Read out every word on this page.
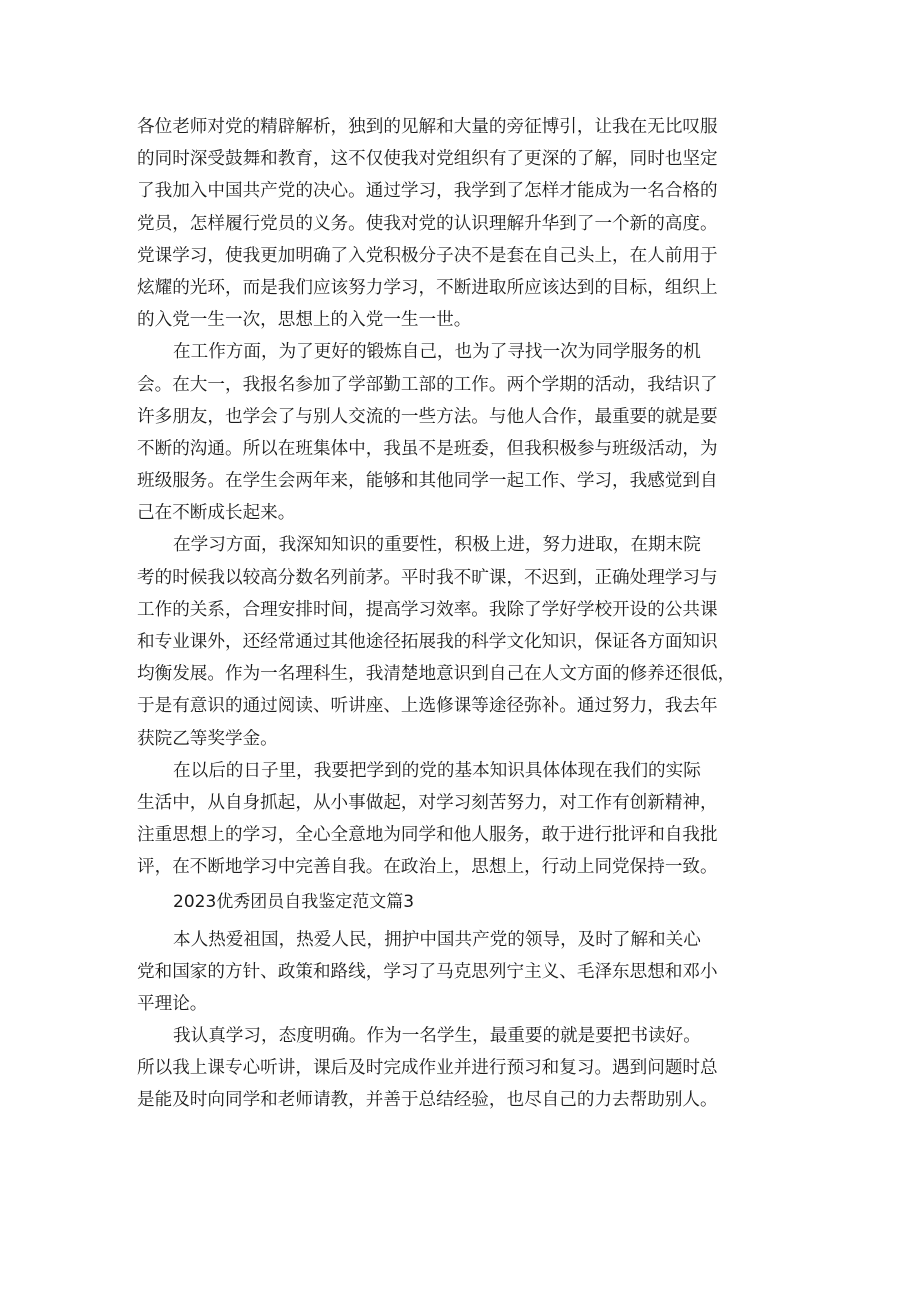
各位老师对党的精辟解析，独到的见解和大量的旁征博引，让我在无比叹服
的同时深受鼓舞和教育，这不仅使我对党组织有了更深的了解，同时也坚定
了我加入中国共产党的决心。通过学习，我学到了怎样才能成为一名合格的
党员，怎样履行党员的义务。使我对党的认识理解升华到了一个新的高度。
党课学习，使我更加明确了入党积极分子决不是套在自己头上，在人前用于
炫耀的光环，而是我们应该努力学习，不断进取所应该达到的目标，组织上
的入党一生一次，思想上的入党一生一世。
在工作方面，为了更好的锻炼自己，也为了寻找一次为同学服务的机
会。在大一，我报名参加了学部勤工部的工作。两个学期的活动，我结识了
许多朋友，也学会了与别人交流的一些方法。与他人合作，最重要的就是要
不断的沟通。所以在班集体中，我虽不是班委，但我积极参与班级活动，为
班级服务。在学生会两年来，能够和其他同学一起工作、学习，我感觉到自
己在不断成长起来。
在学习方面，我深知知识的重要性，积极上进，努力进取，在期末院
考的时候我以较高分数名列前茅。平时我不旷课，不迟到，正确处理学习与
工作的关系，合理安排时间，提高学习效率。我除了学好学校开设的公共课
和专业课外，还经常通过其他途径拓展我的科学文化知识，保证各方面知识
均衡发展。作为一名理科生，我清楚地意识到自己在人文方面的修养还很低，
于是有意识的通过阅读、听讲座、上选修课等途径弥补。通过努力，我去年
获院乙等奖学金。
在以后的日子里，我要把学到的党的基本知识具体体现在我们的实际
生活中，从自身抓起，从小事做起，对学习刻苦努力，对工作有创新精神，
注重思想上的学习，全心全意地为同学和他人服务，敢于进行批评和自我批
评，在不断地学习中完善自我。在政治上，思想上，行动上同党保持一致。
2023优秀团员自我鉴定范文篇3
本人热爱祖国，热爱人民，拥护中国共产党的领导，及时了解和关心
党和国家的方针、政策和路线，学习了马克思列宁主义、毛泽东思想和邓小
平理论。
我认真学习，态度明确。作为一名学生，最重要的就是要把书读好。
所以我上课专心听讲，课后及时完成作业并进行预习和复习。遇到问题时总
是能及时向同学和老师请教，并善于总结经验，也尽自己的力去帮助别人。
